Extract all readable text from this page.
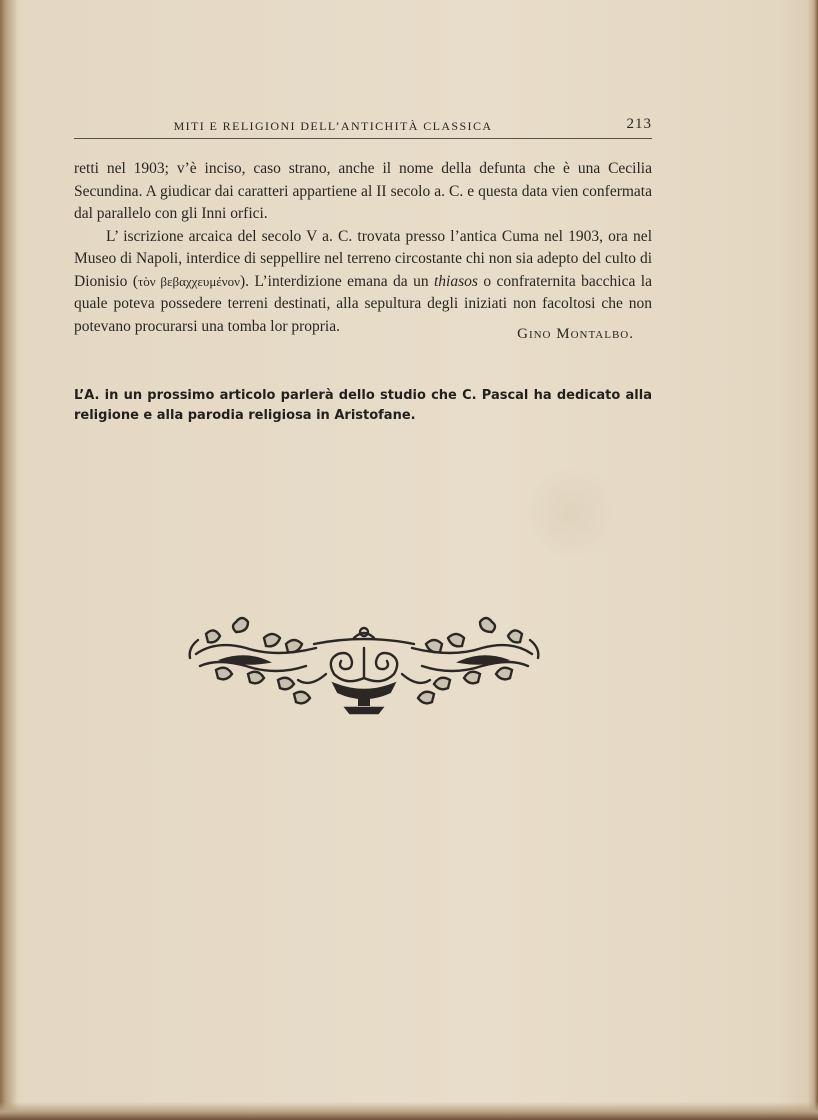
MITI E RELIGIONI DELL’ANTICHITÀ CLASSICA	213

retti nel 1903; v’è inciso, caso strano, anche il nome della defunta che è una Cecilia Secundina. A giudicar dai caratteri appartiene al II secolo a. C. e questa data vien confermata dal parallelo con gli Inni orfici.

L’ iscrizione arcaica del secolo V a. C. trovata presso l’antica Cuma nel 1903, ora nel Museo di Napoli, interdice di seppellire nel terreno circostante chi non sia adepto del culto di Dionisio (τὸν βεβαχχευμένον). L’interdizione emana da un thiasos o confraternita bacchica la quale poteva possedere terreni destinati, alla sepultura degli iniziati non facoltosi che non potevano procurarsi una tomba lor propria.	Gino Montalbo.
L’A. in un prossimo articolo parlerà dello studio che C. Pascal ha dedicato alla religione e alla parodia religiosa in Aristofane.
